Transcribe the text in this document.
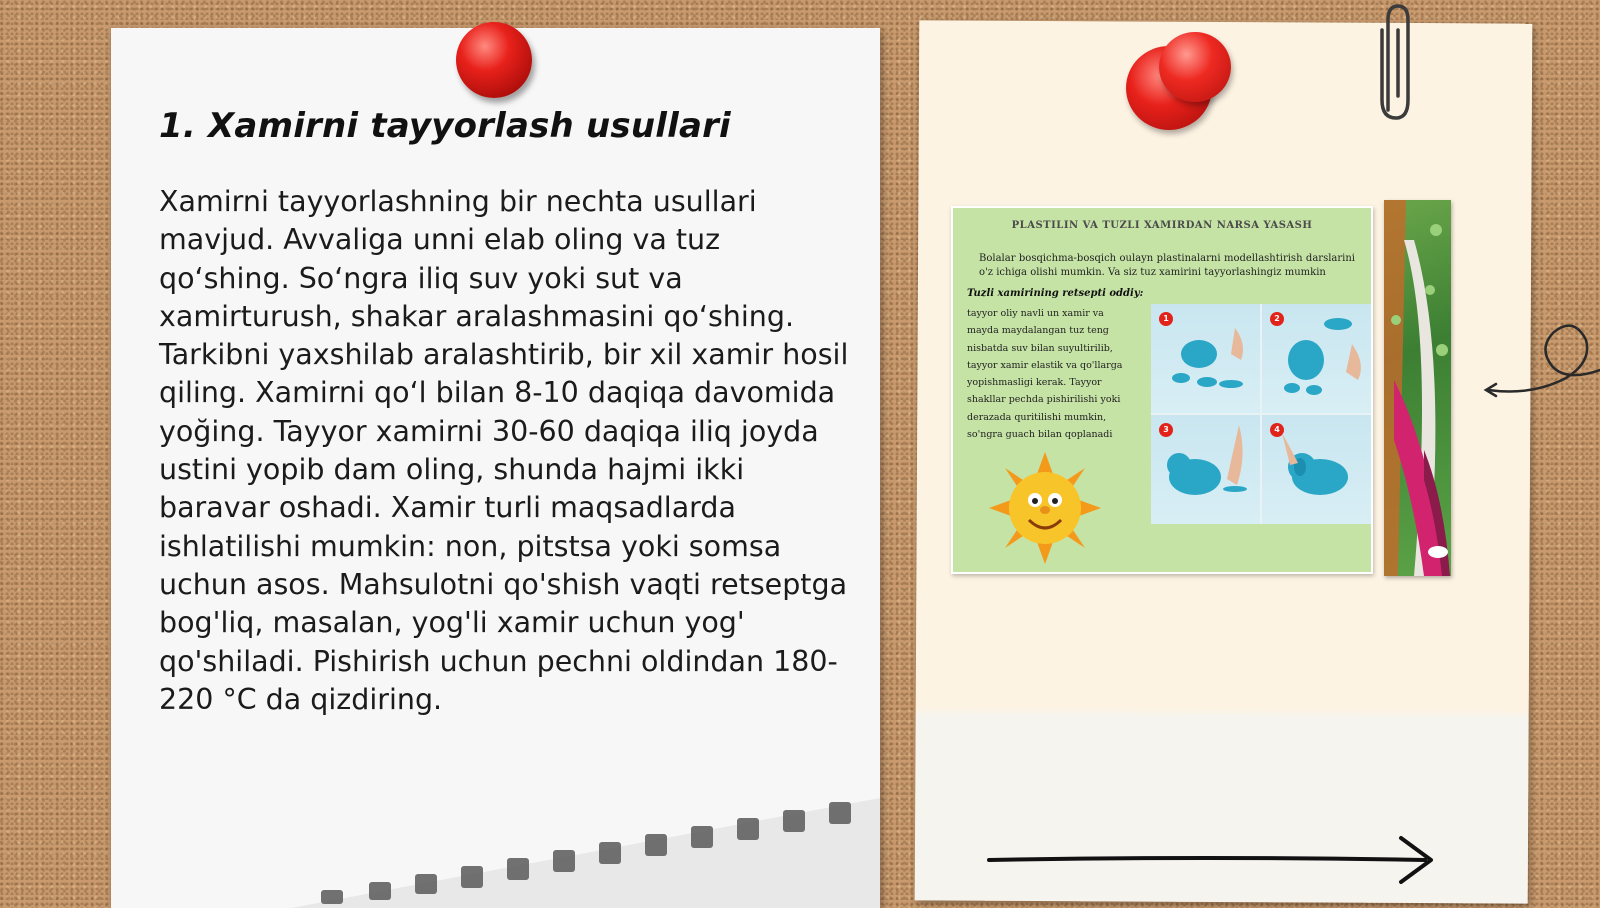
1. Xamirni tayyorlash usullari

Xamirni tayyorlashning bir nechta usullari mavjud. Avvaliga unni elab oling va tuz qo‘shing. So‘ngra iliq suv yoki sut va xamirturush, shakar aralashmasini qo‘shing. Tarkibni yaxshilab aralashtirib, bir xil xamir hosil qiling. Xamirni qo‘l bilan 8-10 daqiqa davomida yoğing. Tayyor xamirni 30-60 daqiqa iliq joyda ustini yopib dam oling, shunda hajmi ikki baravar oshadi. Xamir turli maqsadlarda ishlatilishi mumkin: non, pitstsa yoki somsa uchun asos. Mahsulotni qo'shish vaqti retseptga bog'liq, masalan, yog'li xamir uchun yog' qo'shiladi. Pishirish uchun pechni oldindan 180-220 °C da qizdiring.

PLASTILIN VA TUZLI XAMIRDAN NARSA YASASH
Bolalar bosqichma-bosqich oulayn plastinalarni modellashtirish darslarini o'z ichiga olishi mumkin. Va siz tuz xamirini tayyorlashingiz mumkin
Tuzli xamirining retsepti oddiy:
tayyor oliy navli un xamir va mayda maydalangan tuz teng nisbatda suv bilan suyultirilib, tayyor xamir elastik va qo'llarga yopishmasligi kerak. Tayyor shakllar pechda pishirilishi yoki derazada quritilishi mumkin, so'ngra guach bilan qoplanadi
1	2
3	4
